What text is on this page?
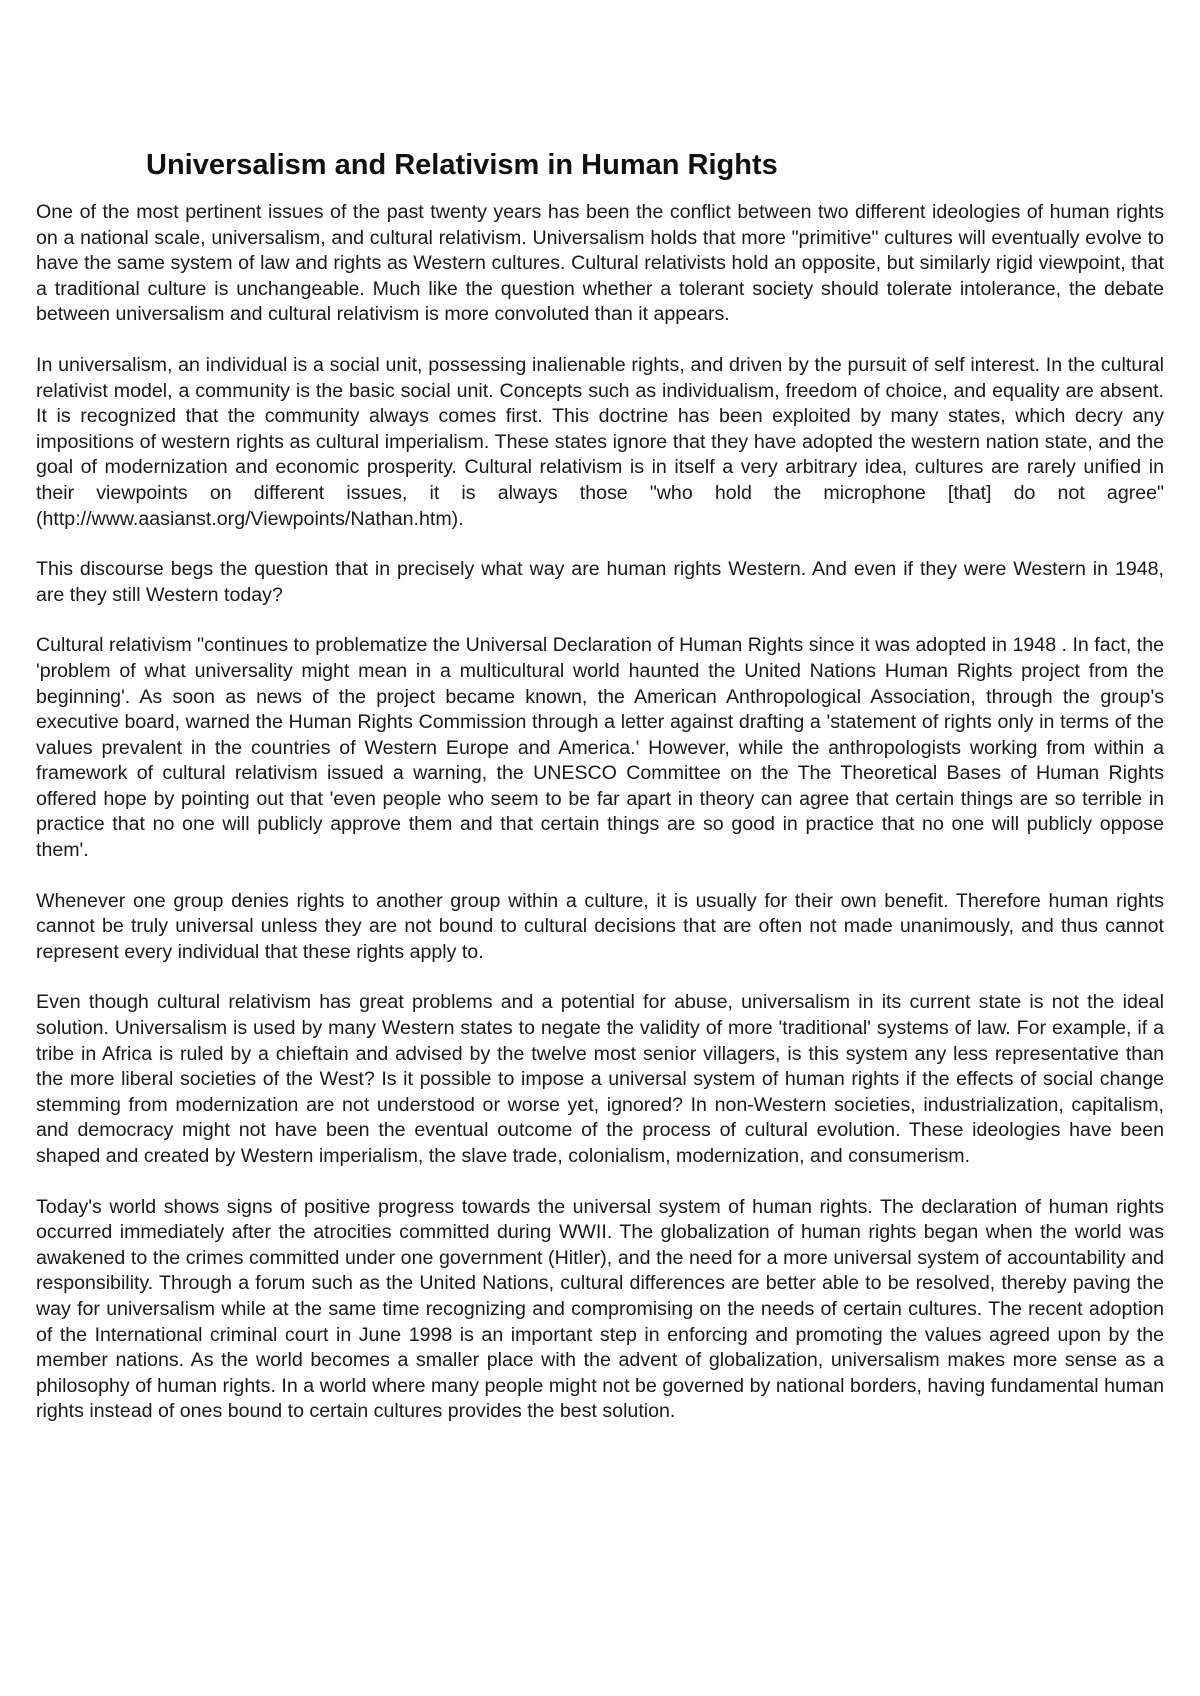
Universalism and Relativism in Human Rights

One of the most pertinent issues of the past twenty years has been the conflict between two different ideologies of human rights on a national scale, universalism, and cultural relativism. Universalism holds that more "primitive" cultures will eventually evolve to have the same system of law and rights as Western cultures. Cultural relativists hold an opposite, but similarly rigid viewpoint, that a traditional culture is unchangeable. Much like the question whether a tolerant society should tolerate intolerance, the debate between universalism and cultural relativism is more convoluted than it appears.

In universalism, an individual is a social unit, possessing inalienable rights, and driven by the pursuit of self interest. In the cultural relativist model, a community is the basic social unit. Concepts such as individualism, freedom of choice, and equality are absent. It is recognized that the community always comes first. This doctrine has been exploited by many states, which decry any impositions of western rights as cultural imperialism. These states ignore that they have adopted the western nation state, and the goal of modernization and economic prosperity. Cultural relativism is in itself a very arbitrary idea, cultures are rarely unified in their viewpoints on different issues, it is always those "who hold the microphone [that] do not agree" (http://www.aasianst.org/Viewpoints/Nathan.htm).

This discourse begs the question that in precisely what way are human rights Western. And even if they were Western in 1948, are they still Western today?

Cultural relativism "continues to problematize the Universal Declaration of Human Rights since it was adopted in 1948 . In fact, the 'problem of what universality might mean in a multicultural world haunted the United Nations Human Rights project from the beginning'. As soon as news of the project became known, the American Anthropological Association, through the group's executive board, warned the Human Rights Commission through a letter against drafting a 'statement of rights only in terms of the values prevalent in the countries of Western Europe and America.' However, while the anthropologists working from within a framework of cultural relativism issued a warning, the UNESCO Committee on the The Theoretical Bases of Human Rights offered hope by pointing out that 'even people who seem to be far apart in theory can agree that certain things are so terrible in practice that no one will publicly approve them and that certain things are so good in practice that no one will publicly oppose them'.

Whenever one group denies rights to another group within a culture, it is usually for their own benefit. Therefore human rights cannot be truly universal unless they are not bound to cultural decisions that are often not made unanimously, and thus cannot represent every individual that these rights apply to.

Even though cultural relativism has great problems and a potential for abuse, universalism in its current state is not the ideal solution. Universalism is used by many Western states to negate the validity of more 'traditional' systems of law. For example, if a tribe in Africa is ruled by a chieftain and advised by the twelve most senior villagers, is this system any less representative than the more liberal societies of the West? Is it possible to impose a universal system of human rights if the effects of social change stemming from modernization are not understood or worse yet, ignored? In non-Western societies, industrialization, capitalism, and democracy might not have been the eventual outcome of the process of cultural evolution. These ideologies have been shaped and created by Western imperialism, the slave trade, colonialism, modernization, and consumerism.

Today's world shows signs of positive progress towards the universal system of human rights. The declaration of human rights occurred immediately after the atrocities committed during WWII. The globalization of human rights began when the world was awakened to the crimes committed under one government (Hitler), and the need for a more universal system of accountability and responsibility. Through a forum such as the United Nations, cultural differences are better able to be resolved, thereby paving the way for universalism while at the same time recognizing and compromising on the needs of certain cultures. The recent adoption of the International criminal court in June 1998 is an important step in enforcing and promoting the values agreed upon by the member nations. As the world becomes a smaller place with the advent of globalization, universalism makes more sense as a philosophy of human rights. In a world where many people might not be governed by national borders, having fundamental human rights instead of ones bound to certain cultures provides the best solution.
